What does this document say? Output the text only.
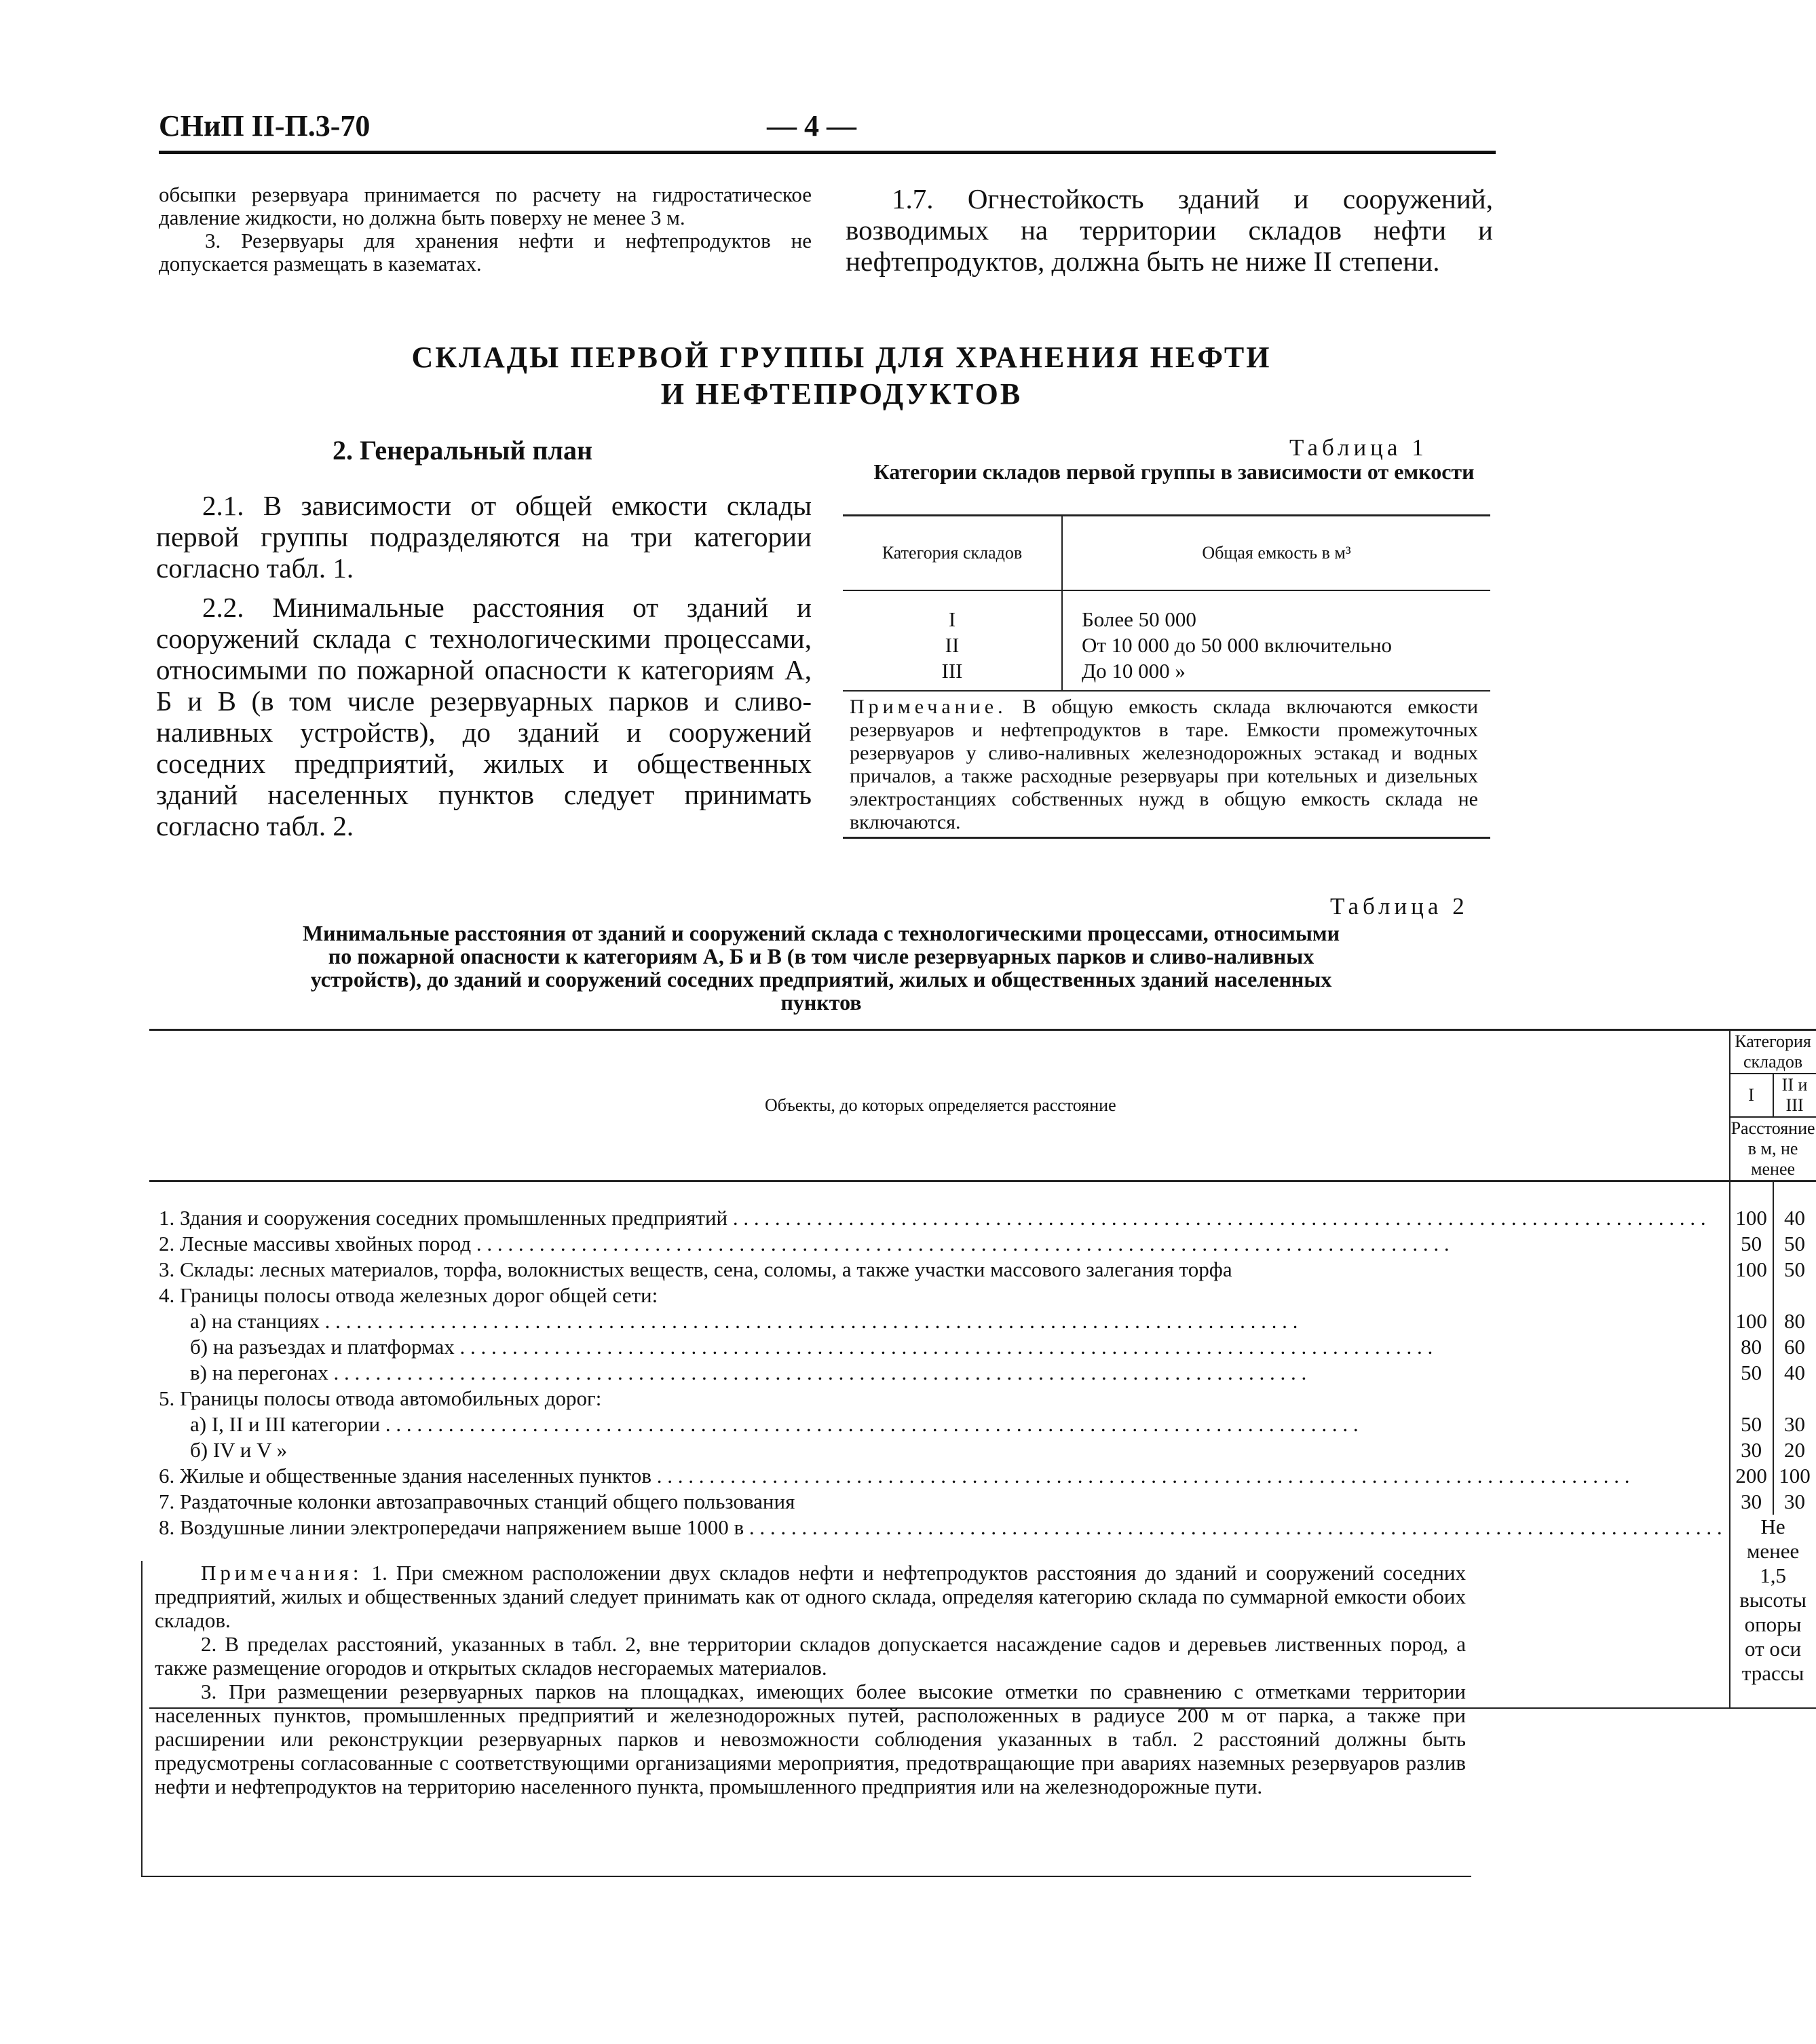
СНиП II-П.3-70	— 4 —

обсыпки резервуара принимается по расчету на гидростатическое давление жидкости, но должна быть поверху не менее 3 м.

3. Резервуары для хранения нефти и нефтепродуктов не допускается размещать в казематах.

1.7. Огнестойкость зданий и сооружений, возводимых на территории складов нефти и нефтепродуктов, должна быть не ниже II степени.

СКЛАДЫ ПЕРВОЙ ГРУППЫ ДЛЯ ХРАНЕНИЯ НЕФТИ
И НЕФТЕПРОДУКТОВ
2. Генеральный план

2.1. В зависимости от общей емкости склады первой группы подразделяются на три категории согласно табл. 1.

2.2. Минимальные расстояния от зданий и сооружений склада с технологическими процессами, относимыми по пожарной опасности к категориям А, Б и В (в том числе резервуарных парков и сливо-наливных устройств), до зданий и сооружений соседних предприятий, жилых и общественных зданий населенных пунктов следует принимать согласно табл. 2.

Таблица 1
Категории складов первой группы в зависимости от емкости
Категория складов	Общая емкость в м³

I	Более 50 000
II	От 10 000 до 50 000 включительно
III	До 10 000 »
Примечание. В общую емкость склада включаются емкости резервуаров и нефтепродуктов в таре. Емкости промежуточных резервуаров у сливо-наливных железнодорожных эстакад и водных причалов, а также расходные резервуары при котельных и дизельных электростанциях собственных нужд в общую емкость склада не включаются.	
Таблица 2
Минимальные расстояния от зданий и сооружений склада с технологическими процессами, относимыми по пожарной опасности к категориям А, Б и В (в том числе резервуарных парков и сливо-наливных устройств), до зданий и сооружений соседних предприятий, жилых и общественных зданий населенных пунктов
Объекты, до которых определяется расстояние	Категория складов	
	I	II и III
	Расстояние в м, не менее	

1. Здания и сооружения соседних промышленных предприятий . . .	100	40

2. Лесные массивы хвойных пород . . .	50	50
3. Склады: лесных материалов, торфа, волокнистых веществ, сена, соломы, а также участки массового залегания торфа	100	50
4. Границы полосы отвода железных дорог общей сети:		

а) на станциях . . .	100	80

б) на разъездах и платформах . . .	80	60

в) на перегонах . . .	50	40
5. Границы полосы отвода автомобильных дорог:		

а) I, II и III категории . . .	50	30
б) IV и V »	30	20

6. Жилые и общественные здания населенных пунктов . . .	200	100
7. Раздаточные колонки автозаправочных станций общего пользования	30	30

8. Воздушные линии электропередачи напряжением выше 1000 в . . .	Не менее 1,5 высоты опоры от оси трассы	

Примечания: 1. При смежном расположении двух складов нефти и нефтепродуктов расстояния до зданий и сооружений соседних предприятий, жилых и общественных зданий следует принимать как от одного склада, определяя категорию склада по суммарной емкости обоих складов.

2. В пределах расстояний, указанных в табл. 2, вне территории складов допускается насаждение садов и деревьев лиственных пород, а также размещение огородов и открытых складов несгораемых материалов.

3. При размещении резервуарных парков на площадках, имеющих более высокие отметки по сравнению с отметками территории населенных пунктов, промышленных предприятий и железнодорожных путей, расположенных в радиусе 200 м от парка, а также при расширении или реконструкции резервуарных парков и невозможности соблюдения указанных в табл. 2 расстояний должны быть предусмотрены согласованные с соответствующими организациями мероприятия, предотвращающие при авариях наземных резервуаров разлив нефти и нефтепродуктов на территорию населенного пункта, промышленного предприятия или на железнодорожные пути.
